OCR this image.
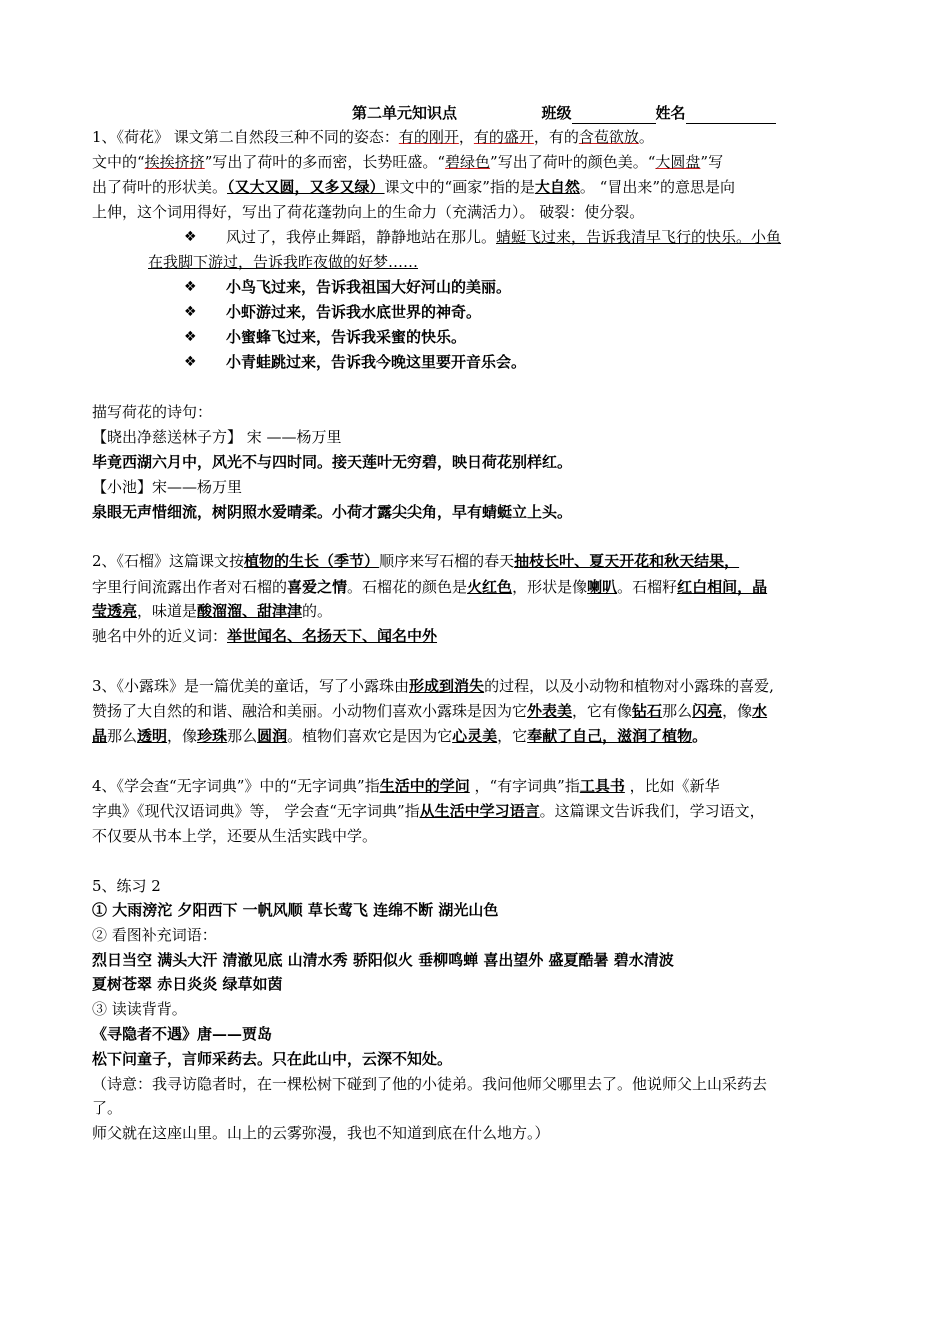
第二单元知识点	班级	姓名
1、《荷花》 课文第二自然段三种不同的姿态：有的刚开，有的盛开，有的含苞欲放。
文中的“挨挨挤挤”写出了荷叶的多而密，长势旺盛。“碧绿色”写出了荷叶的颜色美。“大圆盘”写
出了荷叶的形状美。（又大又圆，又多又绿）课文中的“画家”指的是大自然。 “冒出来”的意思是向
上伸，这个词用得好，写出了荷花蓬勃向上的生命力（充满活力）。 破裂：使分裂。
❖	风过了，我停止舞蹈，静静地站在那儿。蜻蜓飞过来，告诉我清早飞行的快乐。小鱼
在我脚下游过，告诉我昨夜做的好梦……
❖	小鸟飞过来，告诉我祖国大好河山的美丽。
❖	小虾游过来，告诉我水底世界的神奇。
❖	小蜜蜂飞过来，告诉我采蜜的快乐。
❖	小青蛙跳过来，告诉我今晚这里要开音乐会。
描写荷花的诗句：
【晓出净慈送林子方】 宋 ——杨万里
毕竟西湖六月中，风光不与四时同。接天莲叶无穷碧，映日荷花别样红。
【小池】宋——杨万里
泉眼无声惜细流，树阴照水爱晴柔。小荷才露尖尖角，早有蜻蜓立上头。
2、《石榴》这篇课文按植物的生长（季节）顺序来写石榴的春天抽枝长叶、夏天开花和秋天结果，
字里行间流露出作者对石榴的喜爱之情。石榴花的颜色是火红色，形状是像喇叭。石榴籽红白相间，晶
莹透亮，味道是酸溜溜、甜津津的。
驰名中外的近义词：举世闻名、名扬天下、闻名中外
3、《小露珠》是一篇优美的童话，写了小露珠由形成到消失的过程，以及小动物和植物对小露珠的喜爱,
赞扬了大自然的和谐、融洽和美丽。小动物们喜欢小露珠是因为它外表美，它有像钻石那么闪亮，像水
晶那么透明，像珍珠那么圆润。植物们喜欢它是因为它心灵美，它奉献了自己，滋润了植物。
4、《学会查“无字词典”》中的“无字词典”指生活中的学问 ，“有字词典”指工具书 ，比如《新华
字典》《现代汉语词典》等， 学会查“无字词典”指从生活中学习语言。这篇课文告诉我们，学习语文，
不仅要从书本上学，还要从生活实践中学。
5、练习 2
① 大雨滂沱 夕阳西下 一帆风顺 草长莺飞 连绵不断 湖光山色
② 看图补充词语：
烈日当空 满头大汗 清澈见底 山清水秀 骄阳似火 垂柳鸣蝉 喜出望外 盛夏酷暑 碧水清波
夏树苍翠 赤日炎炎 绿草如茵
③ 读读背背。
《寻隐者不遇》唐——贾岛
松下问童子，言师采药去。只在此山中，云深不知处。
（诗意：我寻访隐者时，在一棵松树下碰到了他的小徒弟。我问他师父哪里去了。他说师父上山采药去
了。
师父就在这座山里。山上的云雾弥漫，我也不知道到底在什么地方。）
